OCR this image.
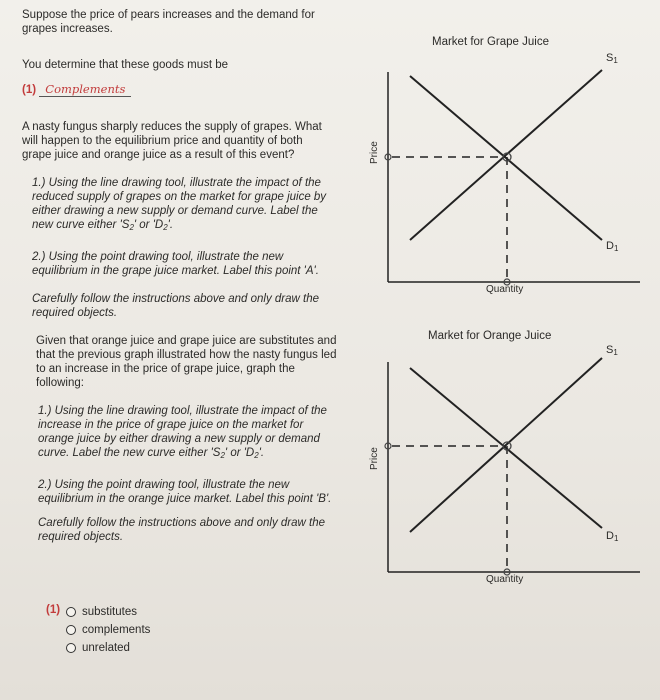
Suppose the price of pears increases and the demand for
grapes increases.
You determine that these goods must be
(1) Complements
A nasty fungus sharply reduces the supply of grapes. What
will happen to the equilibrium price and quantity of both
grape juice and orange juice as a result of this event?
1.) Using the line drawing tool, illustrate the impact of the
reduced supply of grapes on the market for grape juice by
either drawing a new supply or demand curve. Label the
new curve either '$S_2$' or '$D_2$'.
2.) Using the point drawing tool, illustrate the new
equilibrium in the grape juice market. Label this point 'A'.
Carefully follow the instructions above and only draw the
required objects.
Given that orange juice and grape juice are substitutes and
that the previous graph illustrated how the nasty fungus led
to an increase in the price of grape juice, graph the
following:
1.) Using the line drawing tool, illustrate the impact of the
increase in the price of grape juice on the market for
orange juice by either drawing a new supply or demand
curve. Label the new curve either '$S_2$' or '$D_2$'.
2.) Using the point drawing tool, illustrate the new
equilibrium in the orange juice market. Label this point 'B'.
Carefully follow the instructions above and only draw the
required objects.
(1) substitutes
complements
unrelated
Market for Grape Juice
Price
Quantity
$S_1$
$D_1$
Market for Orange Juice
Price
Quantity
$S_1$
$D_1$
